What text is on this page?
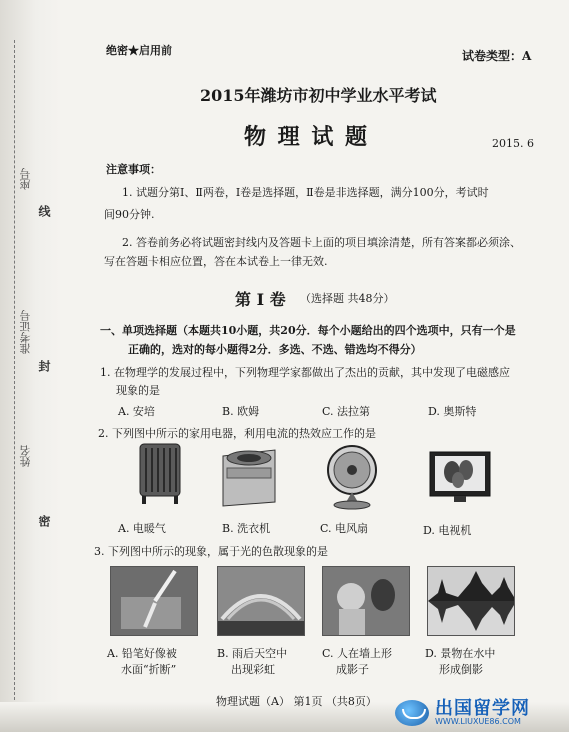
座号
准考证号
姓名
线
封
密
绝密★启用前	试卷类型：A
2015年潍坊市初中学业水平考试
物 理 试 题	2015. 6
注意事项：
1. 试题分第Ⅰ、Ⅱ两卷，Ⅰ卷是选择题，Ⅱ卷是非选择题，满分100分，考试时
间90分钟.
2. 答卷前务必将试题密封线内及答题卡上面的项目填涂清楚，所有答案都必须涂、
写在答题卡相应位置，答在本试卷上一律无效.
第 Ⅰ 卷 （选择题 共48分）
一、单项选择题（本题共10小题，共20分．每个小题给出的四个选项中，只有一个是
正确的，选对的每小题得2分．多选、不选、错选均不得分）
1. 在物理学的发展过程中，下列物理学家都做出了杰出的贡献，其中发现了电磁感应
现象的是
A. 安培	B. 欧姆	C. 法拉第	D. 奥斯特
2. 下列图中所示的家用电器，利用电流的热效应工作的是
A. 电暖气	B. 洗衣机	C. 电风扇	D. 电视机
3. 下列图中所示的现象，属于光的色散现象的是
A. 铅笔好像被
水面“折断”
B. 雨后天空中
出现彩虹
C. 人在墙上形
成影子
D. 景物在水中
形成倒影
物理试题（A） 第1页 （共8页）	出国留学网
WWW.LIUXUE86.COM
